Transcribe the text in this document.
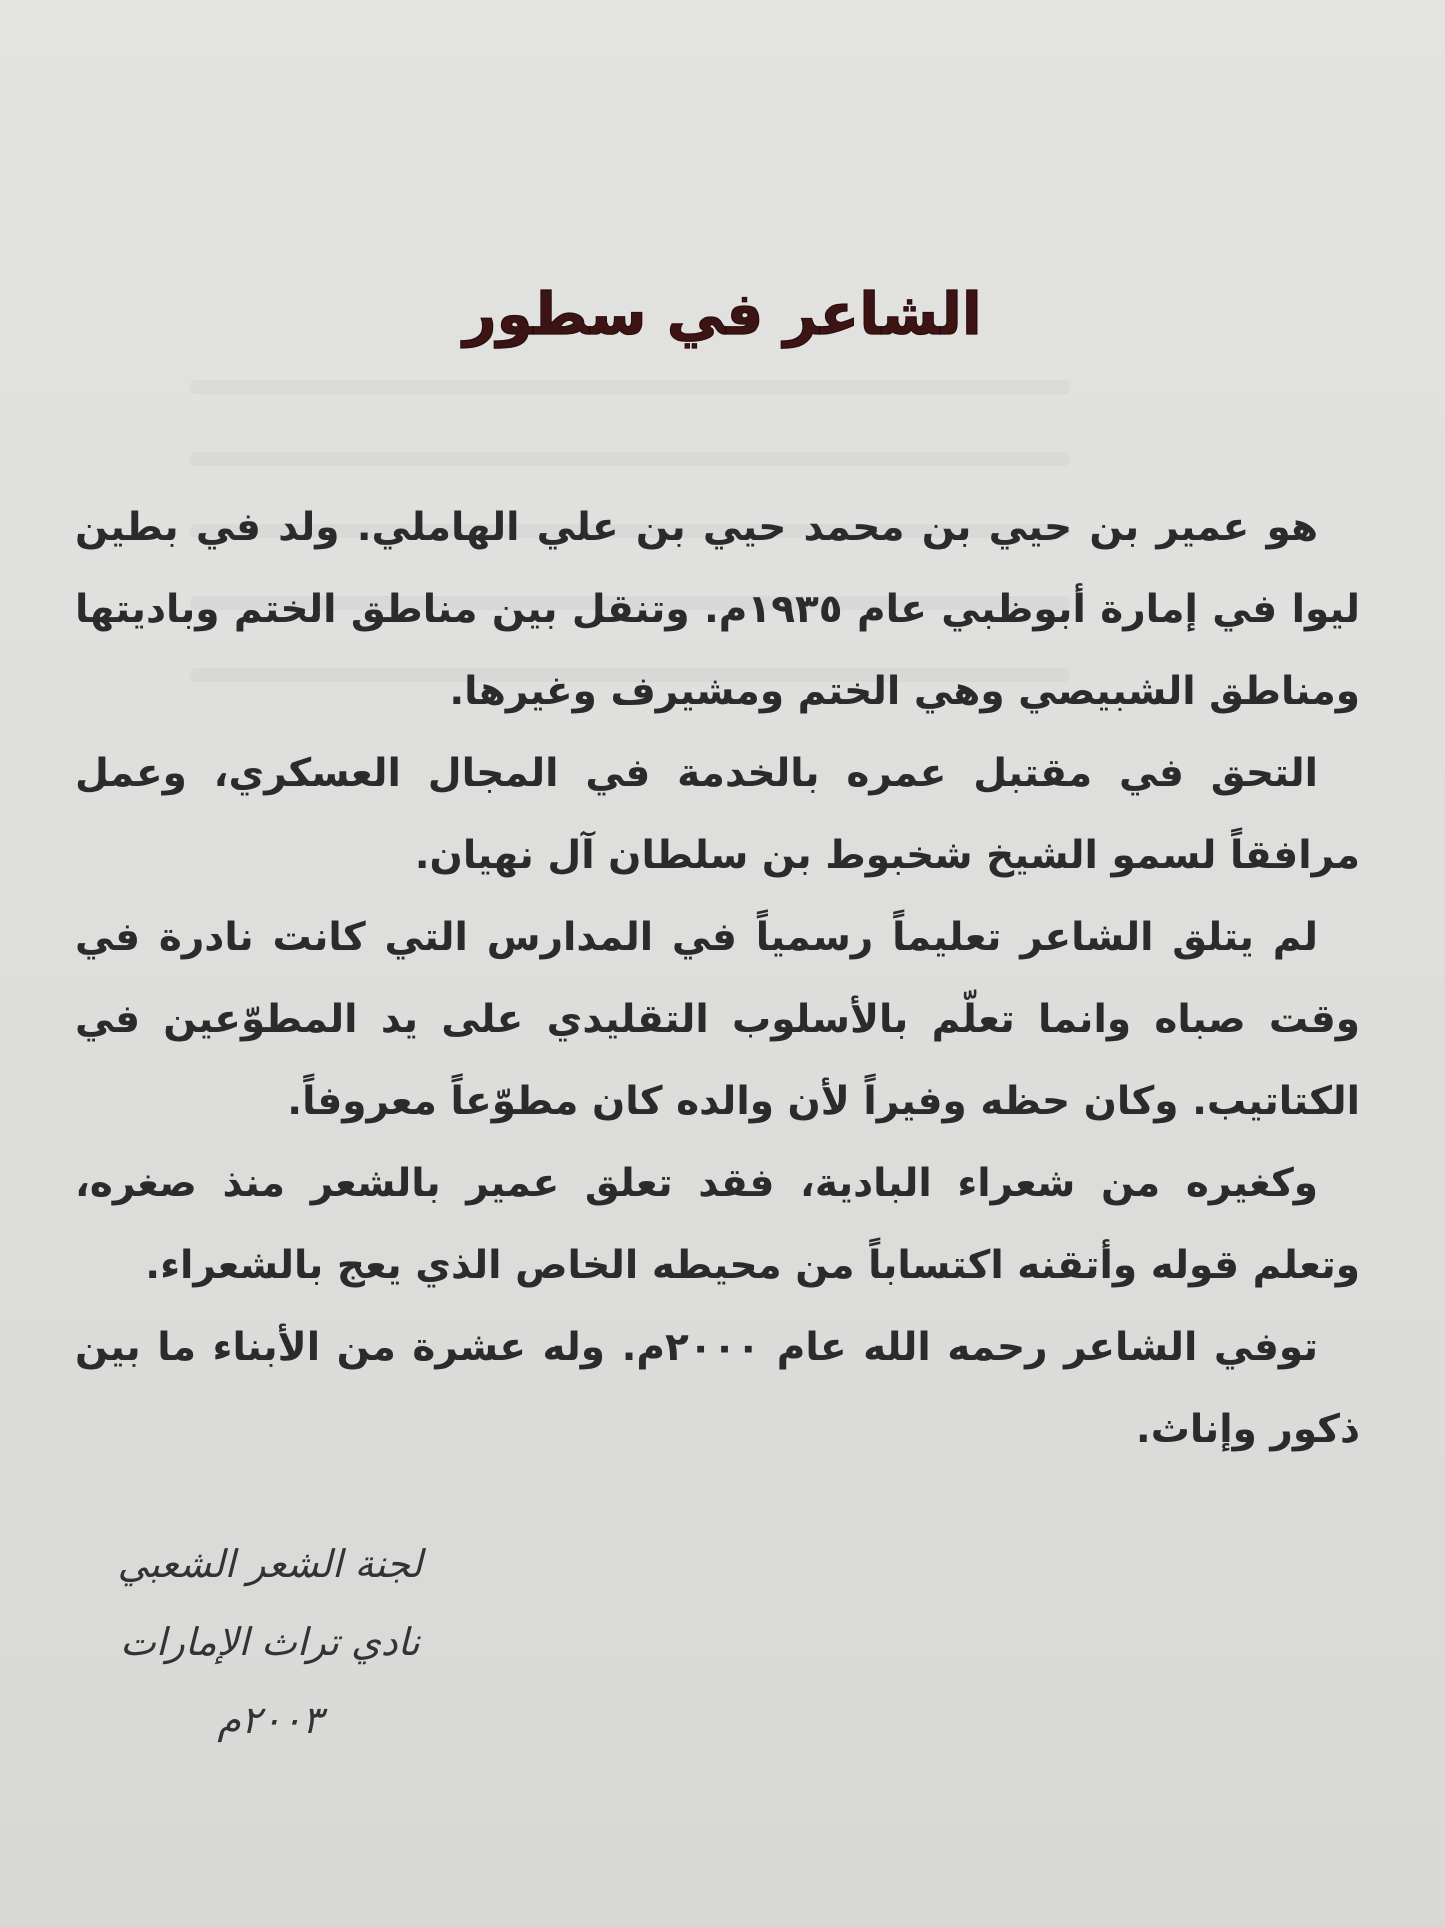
الشاعر في سطور

هو عمير بن حيي بن محمد حيي بن علي الهاملي. ولد في بطين ليوا في إمارة أبوظبي عام ١٩٣٥م. وتنقل بين مناطق الختم وباديتها ومناطق الشبيصي وهي الختم ومشيرف وغيرها.

التحق في مقتبل عمره بالخدمة في المجال العسكري، وعمل مرافقاً لسمو الشيخ شخبوط بن سلطان آل نهيان.

لم يتلق الشاعر تعليماً رسمياً في المدارس التي كانت نادرة في وقت صباه وانما تعلّم بالأسلوب التقليدي على يد المطوّعين في الكتاتيب. وكان حظه وفيراً لأن والده كان مطوّعاً معروفاً.

وكغيره من شعراء البادية، فقد تعلق عمير بالشعر منذ صغره، وتعلم قوله وأتقنه اكتساباً من محيطه الخاص الذي يعج بالشعراء.

توفي الشاعر رحمه الله عام ٢٠٠٠م. وله عشرة من الأبناء ما بين ذكور وإناث.

لجنة الشعر الشعبي
نادي تراث الإمارات
٢٠٠٣م
